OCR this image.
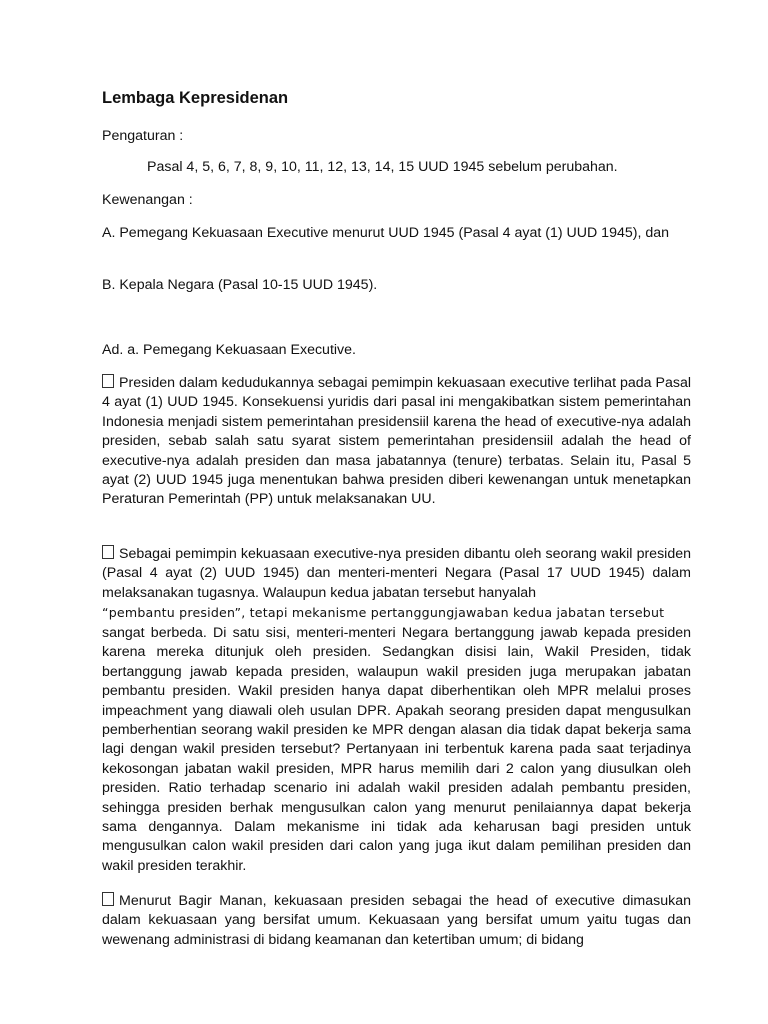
Lembaga Kepresidenan
Pengaturan :
Pasal 4, 5, 6, 7, 8, 9, 10, 11, 12, 13, 14, 15 UUD 1945 sebelum perubahan.
Kewenangan :
A. Pemegang Kekuasaan Executive menurut UUD 1945 (Pasal 4 ayat (1) UUD 1945), dan
B. Kepala Negara (Pasal 10-15 UUD 1945).
Ad. a. Pemegang Kekuasaan Executive.
Presiden dalam kedudukannya sebagai pemimpin kekuasaan executive terlihat pada Pasal 4 ayat (1) UUD 1945. Konsekuensi yuridis dari pasal ini mengakibatkan sistem pemerintahan Indonesia menjadi sistem pemerintahan presidensiil karena the head of executive-nya adalah presiden, sebab salah satu syarat sistem pemerintahan presidensiil adalah the head of executive-nya adalah presiden dan masa jabatannya (tenure) terbatas. Selain itu, Pasal 5 ayat (2) UUD 1945 juga menentukan bahwa presiden diberi kewenangan untuk menetapkan Peraturan Pemerintah (PP) untuk melaksanakan UU.
Sebagai pemimpin kekuasaan executive-nya presiden dibantu oleh seorang wakil presiden (Pasal 4 ayat (2) UUD 1945) dan menteri-menteri Negara (Pasal 17 UUD 1945) dalam melaksanakan tugasnya. Walaupun kedua jabatan tersebut hanyalah
“pembantu presiden”, tetapi mekanisme pertanggungjawaban kedua jabatan tersebut
sangat berbeda. Di satu sisi, menteri-menteri Negara bertanggung jawab kepada presiden karena mereka ditunjuk oleh presiden. Sedangkan disisi lain, Wakil Presiden, tidak bertanggung jawab kepada presiden, walaupun wakil presiden juga merupakan jabatan pembantu presiden. Wakil presiden hanya dapat diberhentikan oleh MPR melalui proses impeachment yang diawali oleh usulan DPR. Apakah seorang presiden dapat mengusulkan pemberhentian seorang wakil presiden ke MPR dengan alasan dia tidak dapat bekerja sama lagi dengan wakil presiden tersebut? Pertanyaan ini terbentuk karena pada saat terjadinya kekosongan jabatan wakil presiden, MPR harus memilih dari 2 calon yang diusulkan oleh presiden. Ratio terhadap scenario ini adalah wakil presiden adalah pembantu presiden, sehingga presiden berhak mengusulkan calon yang menurut penilaiannya dapat bekerja sama dengannya. Dalam mekanisme ini tidak ada keharusan bagi presiden untuk mengusulkan calon wakil presiden dari calon yang juga ikut dalam pemilihan presiden dan wakil presiden terakhir.
Menurut Bagir Manan, kekuasaan presiden sebagai the head of executive dimasukan dalam kekuasaan yang bersifat umum. Kekuasaan yang bersifat umum yaitu tugas dan wewenang administrasi di bidang keamanan dan ketertiban umum; di bidang
